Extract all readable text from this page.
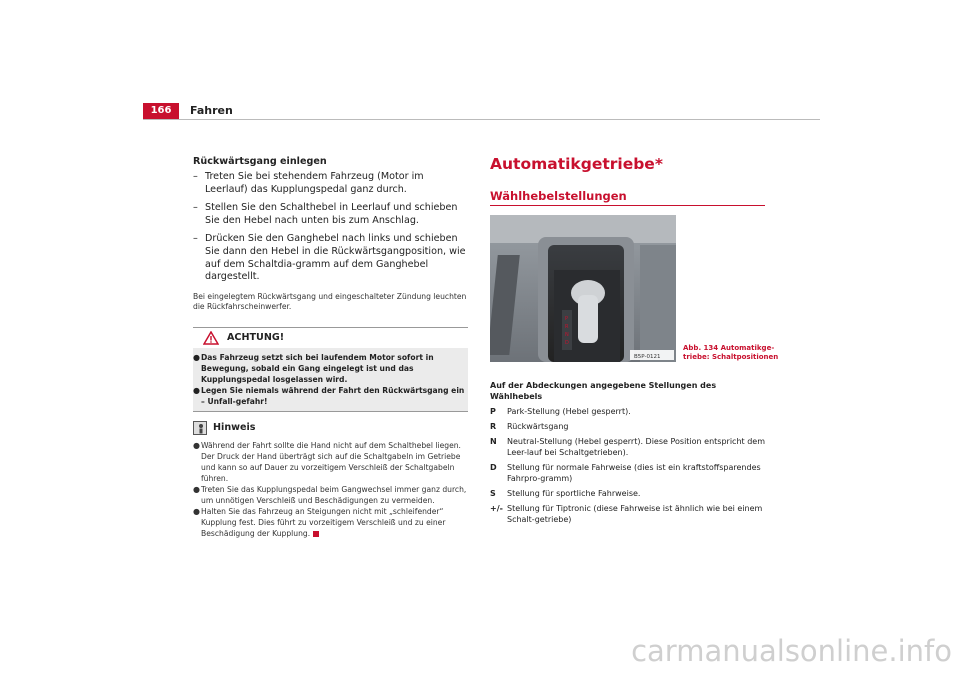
166	Fahren
Rückwärtsgang einlegen
– Treten Sie bei stehendem Fahrzeug (Motor im Leerlauf) das Kupplungspedal ganz durch.
– Stellen Sie den Schalthebel in Leerlauf und schieben Sie den Hebel nach unten bis zum Anschlag.
– Drücken Sie den Ganghebel nach links und schieben Sie dann den Hebel in die Rückwärtsgangposition, wie auf dem Schaltdia-gramm auf dem Ganghebel dargestellt.

Bei eingelegtem Rückwärtsgang und eingeschalteter Zündung leuchten die Rückfahrscheinwerfer.

ACHTUNG!
● Das Fahrzeug setzt sich bei laufendem Motor sofort in Bewegung, sobald ein Gang eingelegt ist und das Kupplungspedal losgelassen wird.
● Legen Sie niemals während der Fahrt den Rückwärtsgang ein – Unfall-gefahr!
Hinweis
● Während der Fahrt sollte die Hand nicht auf dem Schalthebel liegen. Der Druck der Hand überträgt sich auf die Schaltgabeln im Getriebe und kann so auf Dauer zu vorzeitigem Verschleiß der Schaltgabeln führen.
● Treten Sie das Kupplungspedal beim Gangwechsel immer ganz durch, um unnötigen Verschleiß und Beschädigungen zu vermeiden.
● Halten Sie das Fahrzeug an Steigungen nicht mit „schleifender“ Kupplung fest. Dies führt zu vorzeitigem Verschleiß und zu einer Beschädigung der Kupplung.
Automatikgetriebe*
Wählhebelstellungen
P
R
N
D
B5P-0121
Abb. 134 Automatikge-
triebe: Schaltpositionen
Auf der Abdeckungen angegebene Stellungen des Wählhebels
P	Park-Stellung (Hebel gesperrt).
R	Rückwärtsgang
N	Neutral-Stellung (Hebel gesperrt). Diese Position entspricht dem Leer-lauf bei Schaltgetrieben).
D	Stellung für normale Fahrweise (dies ist ein kraftstoffsparendes Fahrpro-gramm)
S	Stellung für sportliche Fahrweise.
+/- Stellung für Tiptronic (diese Fahrweise ist ähnlich wie bei einem Schalt-getriebe)
carmanualsonline.info
